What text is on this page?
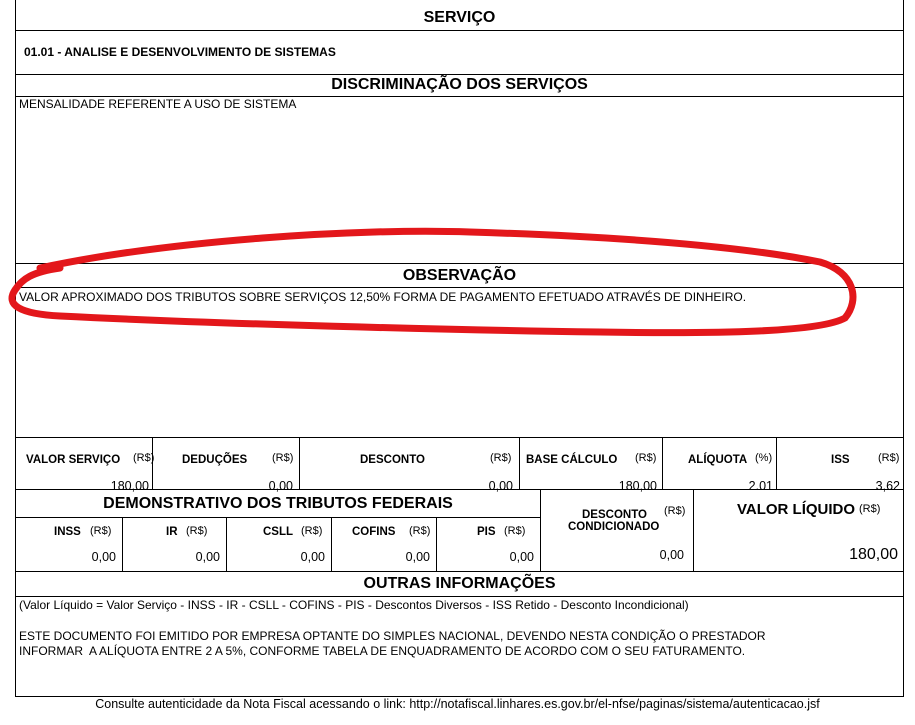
SERVIÇO
01.01 - ANALISE E DESENVOLVIMENTO DE SISTEMAS
DISCRIMINAÇÃO DOS SERVIÇOS
MENSALIDADE REFERENTE A USO DE SISTEMA
OBSERVAÇÃO
VALOR APROXIMADO DOS TRIBUTOS SOBRE SERVIÇOS 12,50% FORMA DE PAGAMENTO EFETUADO ATRAVÉS DE DINHEIRO.
VALOR SERVIÇO (R$)
180,00
DEDUÇÕES (R$)
0,00
DESCONTO	(R$)
0,00
BASE CÁLCULO (R$)
180,00
ALÍQUOTA (%)
2.01
ISS	(R$)
3,62
DEMONSTRATIVO DOS TRIBUTOS FEDERAIS
INSS (R$)
0,00
IR (R$)
0,00
CSLL (R$)
0,00
COFINS (R$)
0,00
PIS (R$)
0,00
DESCONTO (R$)
CONDICIONADO
0,00
VALOR LÍQUIDO (R$)
180,00
OUTRAS INFORMAÇÕES
(Valor Líquido = Valor Serviço - INSS - IR - CSLL - COFINS - PIS - Descontos Diversos - ISS Retido - Desconto Incondicional)
ESTE DOCUMENTO FOI EMITIDO POR EMPRESA OPTANTE DO SIMPLES NACIONAL, DEVENDO NESTA CONDIÇÃO O PRESTADOR
INFORMAR  A ALÍQUOTA ENTRE 2 A 5%, CONFORME TABELA DE ENQUADRAMENTO DE ACORDO COM O SEU FATURAMENTO.
Consulte autenticidade da Nota Fiscal acessando o link: http://notafiscal.linhares.es.gov.br/el-nfse/paginas/sistema/autenticacao.jsf
